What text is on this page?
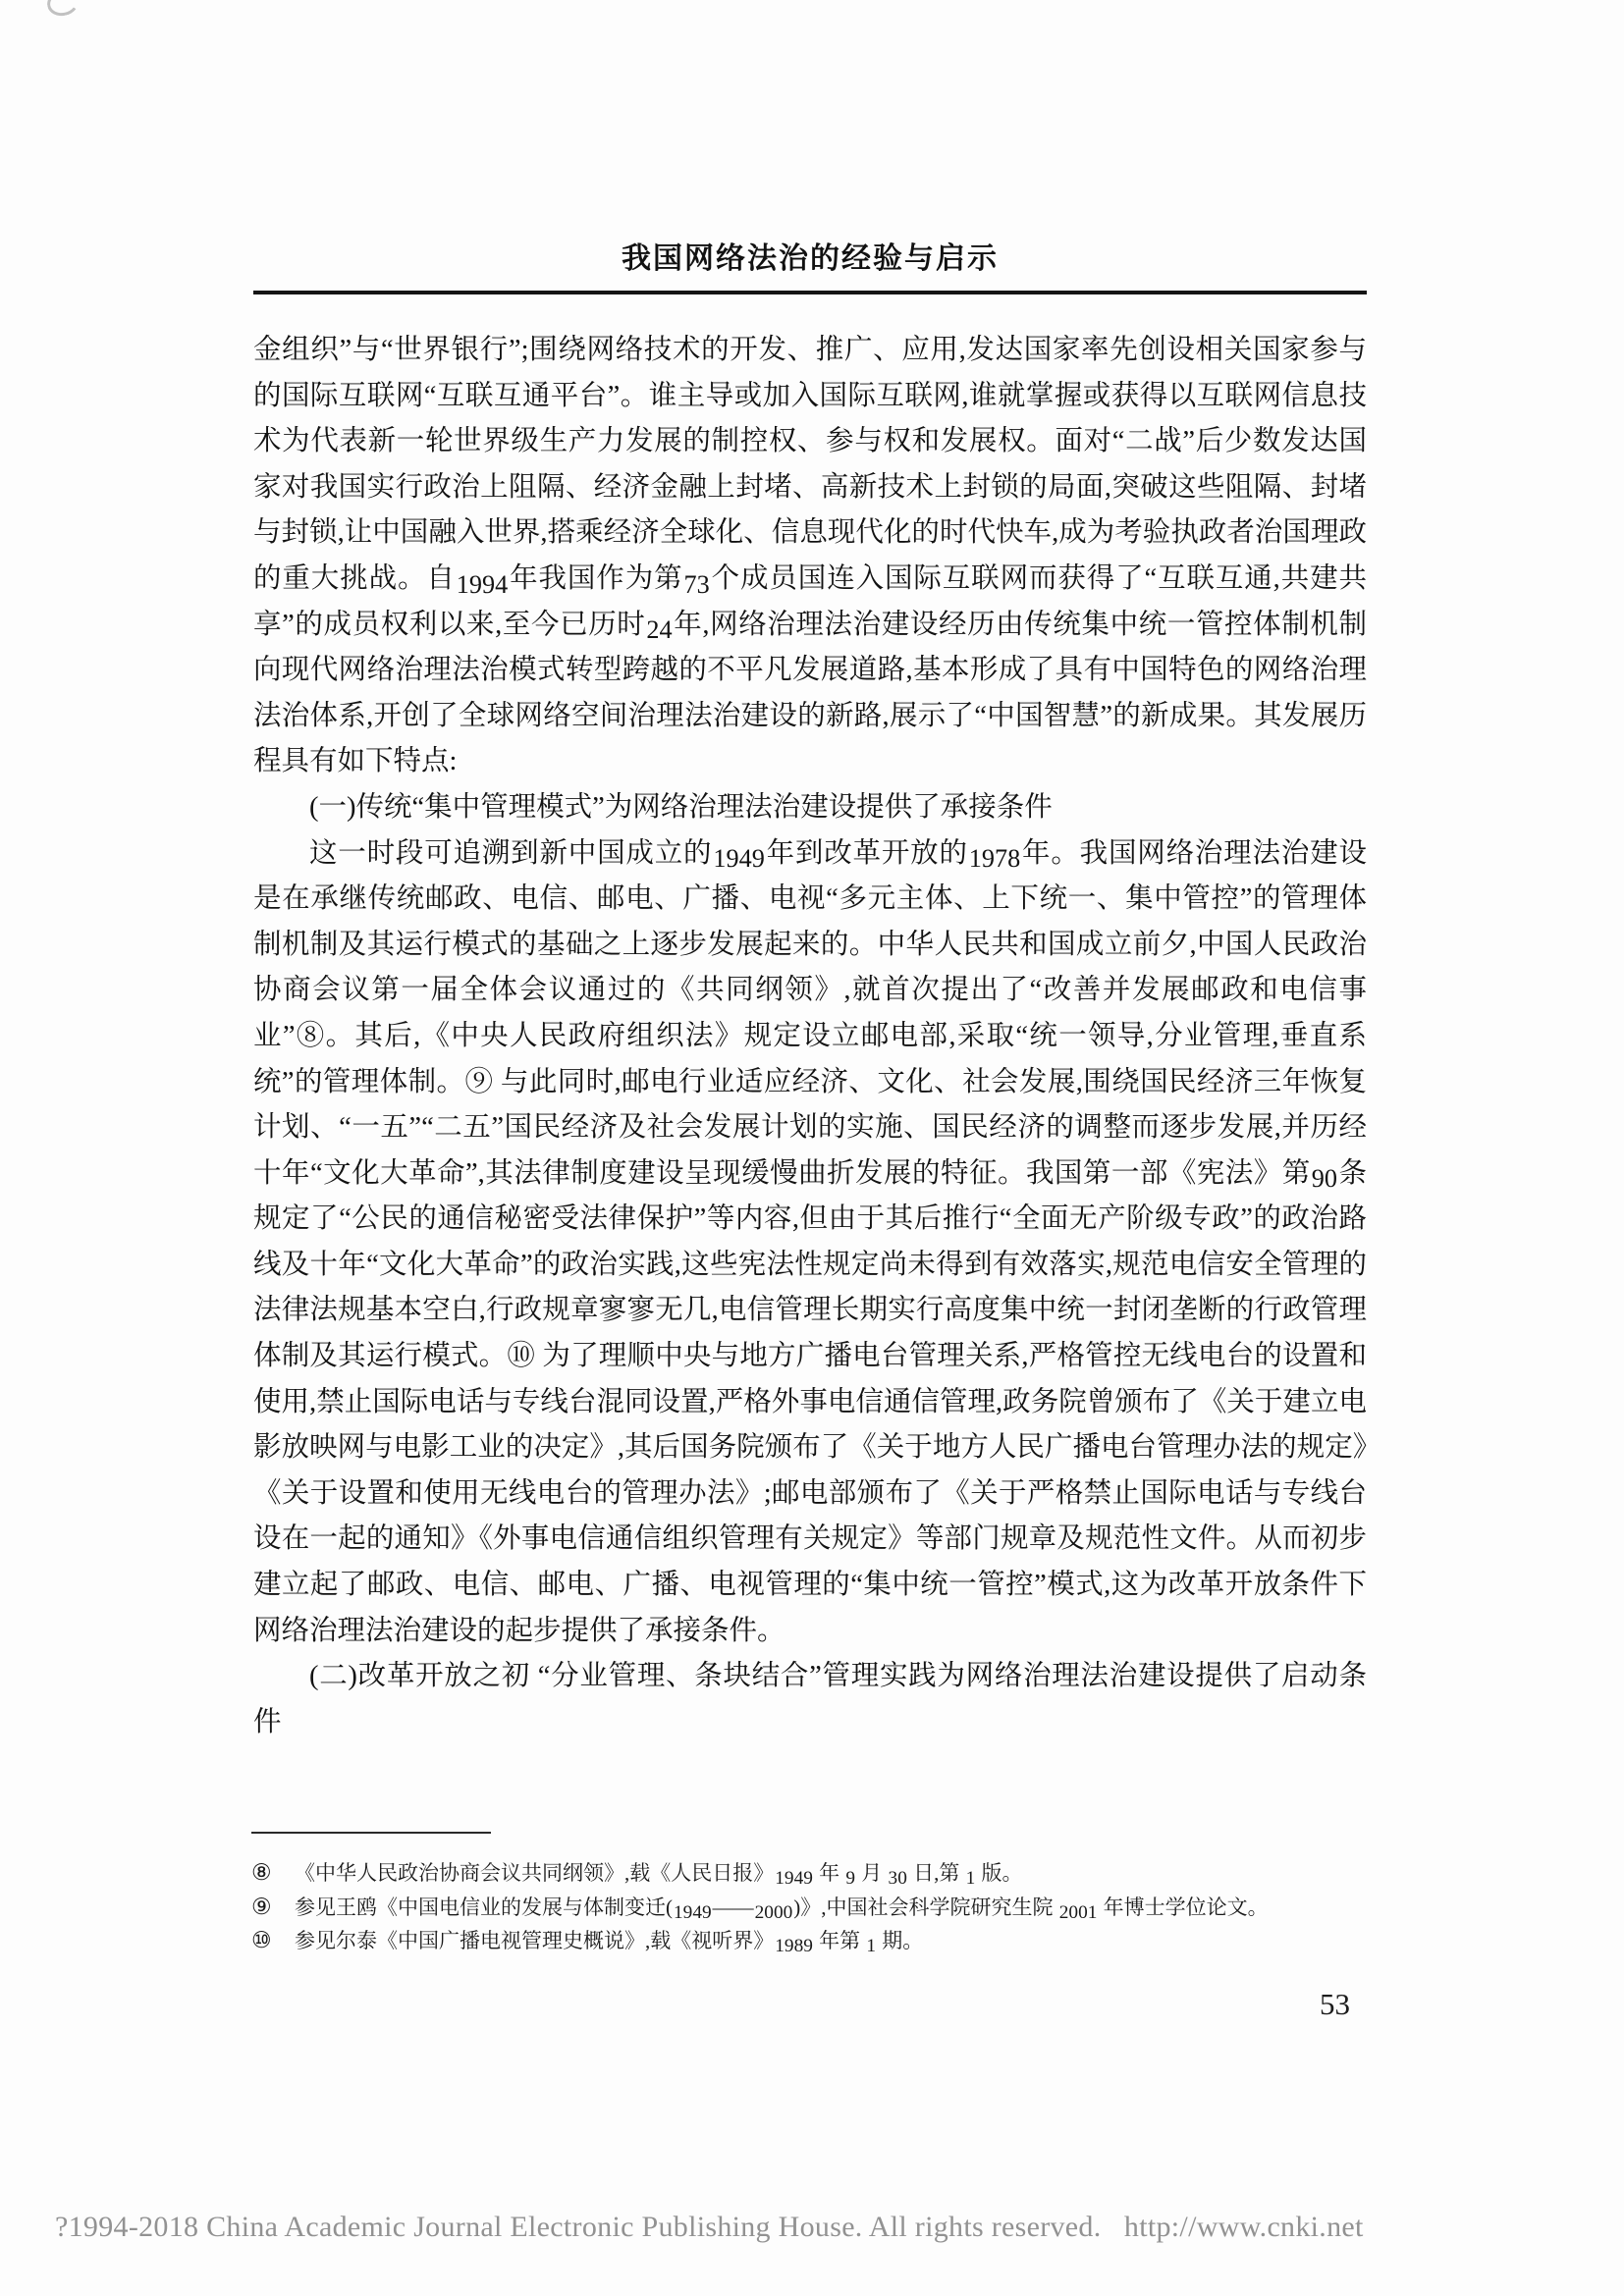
我国网络法治的经验与启示

金组织”与“世界银行”;围绕网络技术的开发、推广、应用,发达国家率先创设相关国家参与的国际互联网“互联互通平台”。谁主导或加入国际互联网,谁就掌握或获得以互联网信息技术为代表新一轮世界级生产力发展的制控权、参与权和发展权。面对“二战”后少数发达国家对我国实行政治上阻隔、经济金融上封堵、高新技术上封锁的局面,突破这些阻隔、封堵与封锁,让中国融入世界,搭乘经济全球化、信息现代化的时代快车,成为考验执政者治国理政的重大挑战。自1994年我国作为第73个成员国连入国际互联网而获得了“互联互通,共建共享”的成员权利以来,至今已历时24年,网络治理法治建设经历由传统集中统一管控体制机制向现代网络治理法治模式转型跨越的不平凡发展道路,基本形成了具有中国特色的网络治理法治体系,开创了全球网络空间治理法治建设的新路,展示了“中国智慧”的新成果。其发展历程具有如下特点:

(一)传统“集中管理模式”为网络治理法治建设提供了承接条件

这一时段可追溯到新中国成立的1949年到改革开放的1978年。我国网络治理法治建设是在承继传统邮政、电信、邮电、广播、电视“多元主体、上下统一、集中管控”的管理体制机制及其运行模式的基础之上逐步发展起来的。中华人民共和国成立前夕,中国人民政治协商会议第一届全体会议通过的《共同纲领》,就首次提出了“改善并发展邮政和电信事业”⑧。其后,《中央人民政府组织法》规定设立邮电部,采取“统一领导,分业管理,垂直系统”的管理体制。⑨ 与此同时,邮电行业适应经济、文化、社会发展,围绕国民经济三年恢复计划、“一五”“二五”国民经济及社会发展计划的实施、国民经济的调整而逐步发展,并历经十年“文化大革命”,其法律制度建设呈现缓慢曲折发展的特征。我国第一部《宪法》第90条规定了“公民的通信秘密受法律保护”等内容,但由于其后推行“全面无产阶级专政”的政治路线及十年“文化大革命”的政治实践,这些宪法性规定尚未得到有效落实,规范电信安全管理的法律法规基本空白,行政规章寥寥无几,电信管理长期实行高度集中统一封闭垄断的行政管理体制及其运行模式。⑩ 为了理顺中央与地方广播电台管理关系,严格管控无线电台的设置和使用,禁止国际电话与专线台混同设置,严格外事电信通信管理,政务院曾颁布了《关于建立电影放映网与电影工业的决定》,其后国务院颁布了《关于地方人民广播电台管理办法的规定》《关于设置和使用无线电台的管理办法》;邮电部颁布了《关于严格禁止国际电话与专线台设在一起的通知》《外事电信通信组织管理有关规定》等部门规章及规范性文件。从而初步建立起了邮政、电信、邮电、广播、电视管理的“集中统一管控”模式,这为改革开放条件下网络治理法治建设的起步提供了承接条件。

(二)改革开放之初 “分业管理、条块结合”管理实践为网络治理法治建设提供了启动条件

⑧	《中华人民政治协商会议共同纲领》,载《人民日报》1949 年 9 月 30 日,第 1 版。
⑨	参见王鸥《中国电信业的发展与体制变迁(1949——2000)》,中国社会科学院研究生院 2001 年博士学位论文。
⑩	参见尔泰《中国广播电视管理史概说》,载《视听界》1989 年第 1 期。
53
?1994-2018 China Academic Journal Electronic Publishing House. All rights reserved.   http://www.cnki.net
